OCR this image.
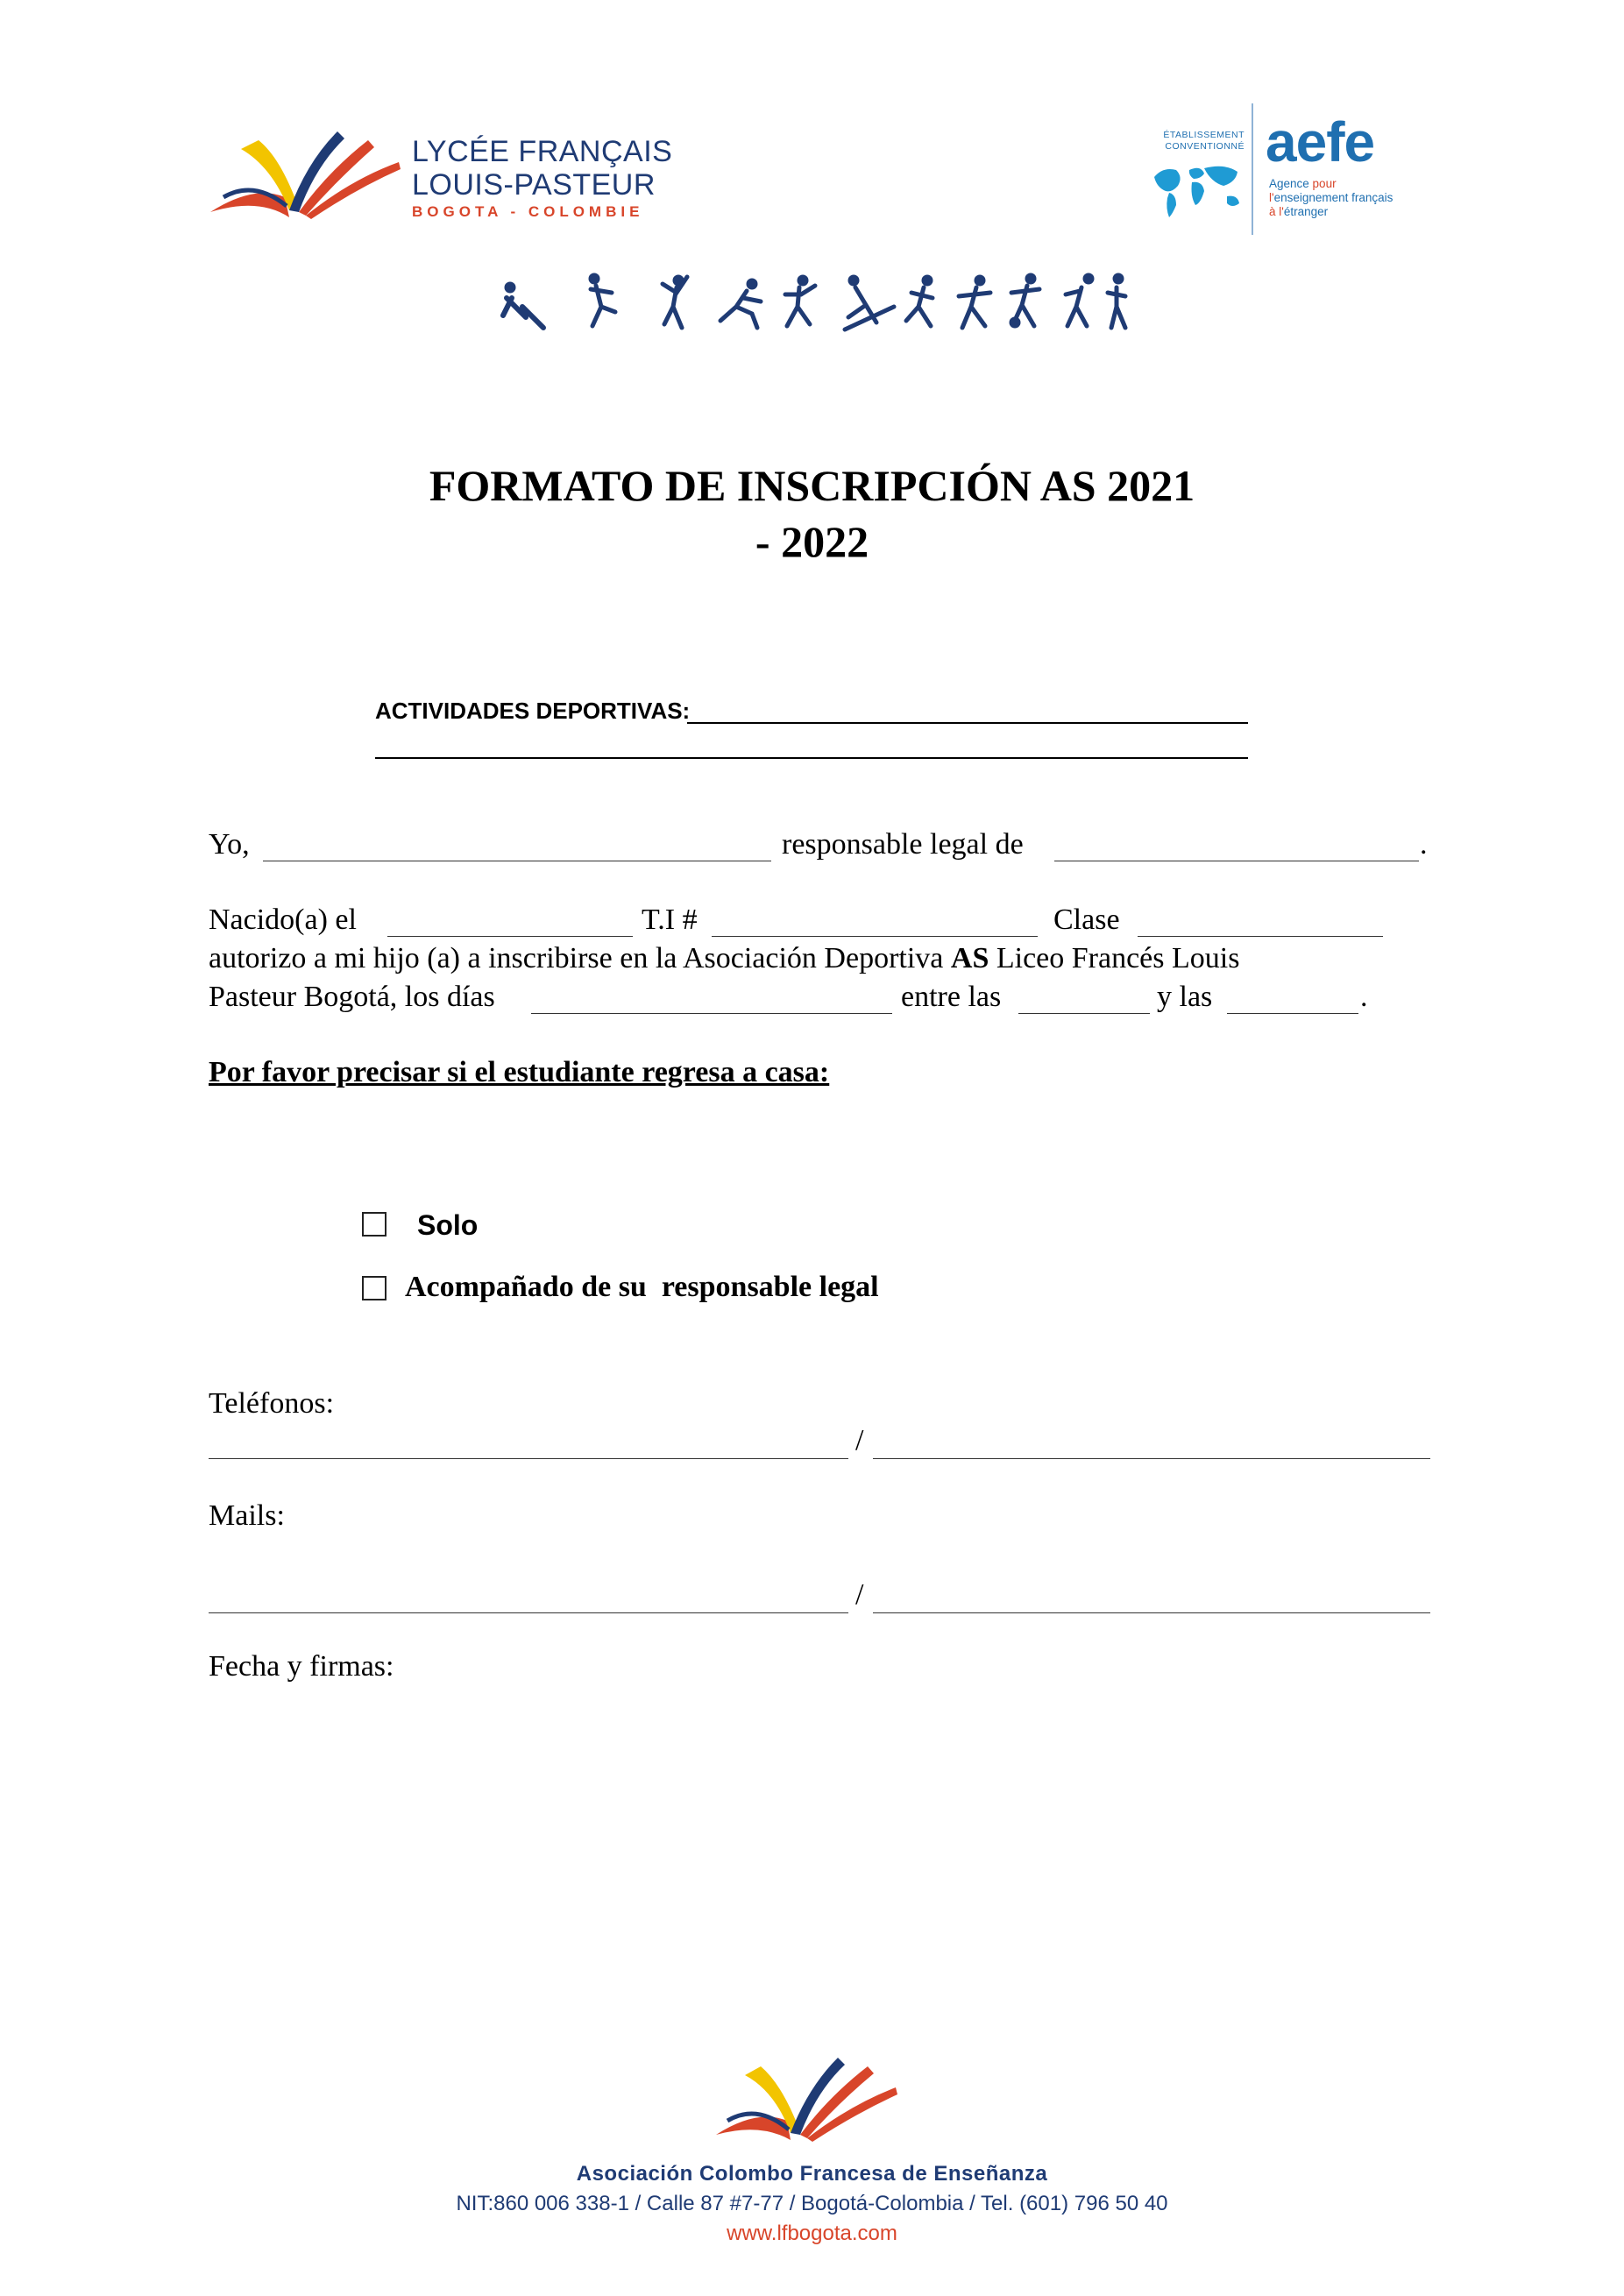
LYCÉE FRANÇAIS
LOUIS-PASTEUR
BOGOTA - COLOMBIE
ÉTABLISSEMENT
CONVENTIONNÉ aefe
Agence pour
l'enseignement français
à l'étranger
FORMATO DE INSCRIPCIÓN AS 2021
- 2022
ACTIVIDADES DEPORTIVAS:
Yo,	responsable legal de	.
Nacido(a) el	T.I #	Clase
autorizo a mi hijo (a) a inscribirse en la Asociación Deportiva AS Liceo Francés Louis
Pasteur Bogotá, los días	entre las	y las	.
Por favor precisar si el estudiante regresa a casa:
Solo
Acompañado de su  responsable legal
Teléfonos:
/
Mails:
/
Fecha y firmas:
Asociación Colombo Francesa de Enseñanza
NIT:860 006 338-1 / Calle 87 #7-77 / Bogotá-Colombia / Tel. (601) 796 50 40
www.lfbogota.com
